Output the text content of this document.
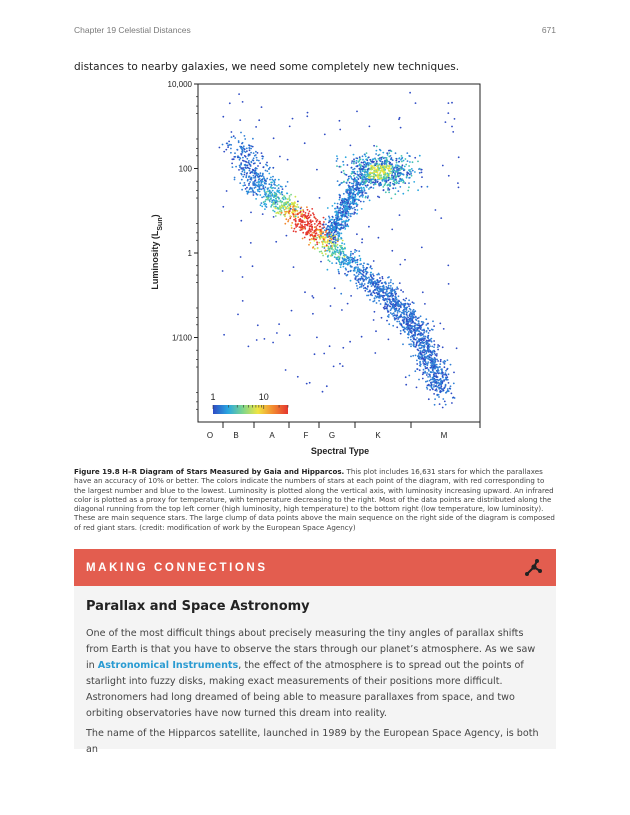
Chapter 19 Celestial Distances	671
distances to nearby galaxies, we need some completely new techniques.
10,000
100
1
1/100
O	B	A	F	G	K	M
Spectral Type
Luminosity $(L_{Sun})$
1	10
Figure 19.8 H–R Diagram of Stars Measured by Gaia and Hipparcos. This plot includes 16,631 stars for which the parallaxes have an accuracy of 10% or better. The colors indicate the numbers of stars at each point of the diagram, with red corresponding to the largest number and blue to the lowest. Luminosity is plotted along the vertical axis, with luminosity increasing upward. An infrared color is plotted as a proxy for temperature, with temperature decreasing to the right. Most of the data points are distributed along the diagonal running from the top left corner (high luminosity, high temperature) to the bottom right (low temperature, low luminosity). These are main sequence stars. The large clump of data points above the main sequence on the right side of the diagram is composed of red giant stars. (credit: modification of work by the European Space Agency)
MAKING CONNECTIONS
Parallax and Space Astronomy

One of the most difficult things about precisely measuring the tiny angles of parallax shifts from Earth is that you have to observe the stars through our planet’s atmosphere. As we saw in Astronomical Instruments, the effect of the atmosphere is to spread out the points of starlight into fuzzy disks, making exact measurements of their positions more difficult. Astronomers had long dreamed of being able to measure parallaxes from space, and two orbiting observatories have now turned this dream into reality.

The name of the Hipparcos satellite, launched in 1989 by the European Space Agency, is both an
